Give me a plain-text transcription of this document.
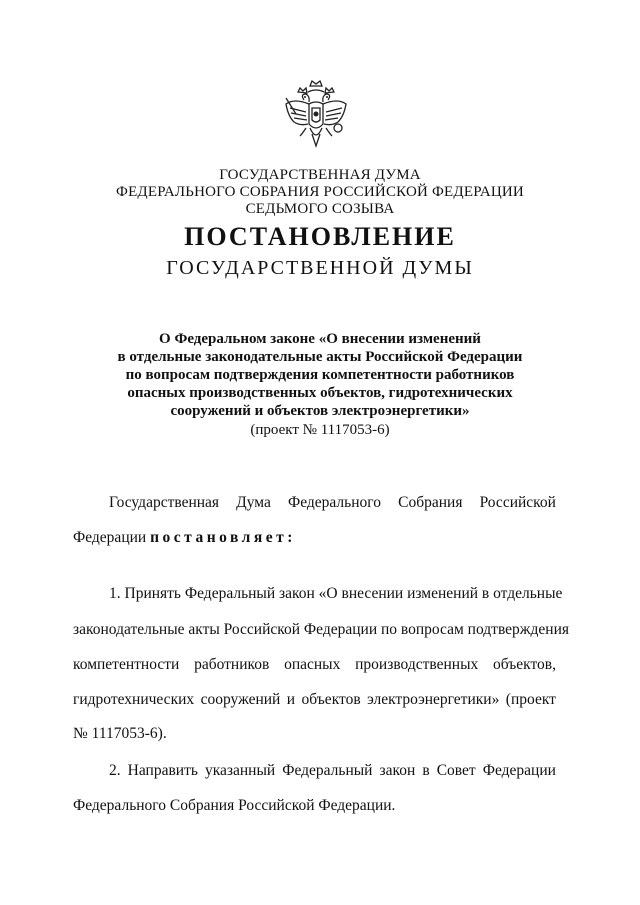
ГОСУДАРСТВЕННАЯ ДУМА
ФЕДЕРАЛЬНОГО СОБРАНИЯ РОССИЙСКОЙ ФЕДЕРАЦИИ
СЕДЬМОГО СОЗЫВА
ПОСТАНОВЛЕНИЕ
ГОСУДАРСТВЕННОЙ ДУМЫ
О Федеральном законе «О внесении изменений
в отдельные законодательные акты Российской Федерации
по вопросам подтверждения компетентности работников
опасных производственных объектов, гидротехнических
сооружений и объектов электроэнергетики»
(проект № 1117053-6)
Государственная Дума Федерального Собрания Российской
Федерации постановляет:
1. Принять Федеральный закон «О внесении изменений в отдельные
законодательные акты Российской Федерации по вопросам подтверждения
компетентности работников опасных производственных объектов,
гидротехнических сооружений и объектов электроэнергетики» (проект
№ 1117053-6).
2. Направить указанный Федеральный закон в Совет Федерации
Федерального Собрания Российской Федерации.
